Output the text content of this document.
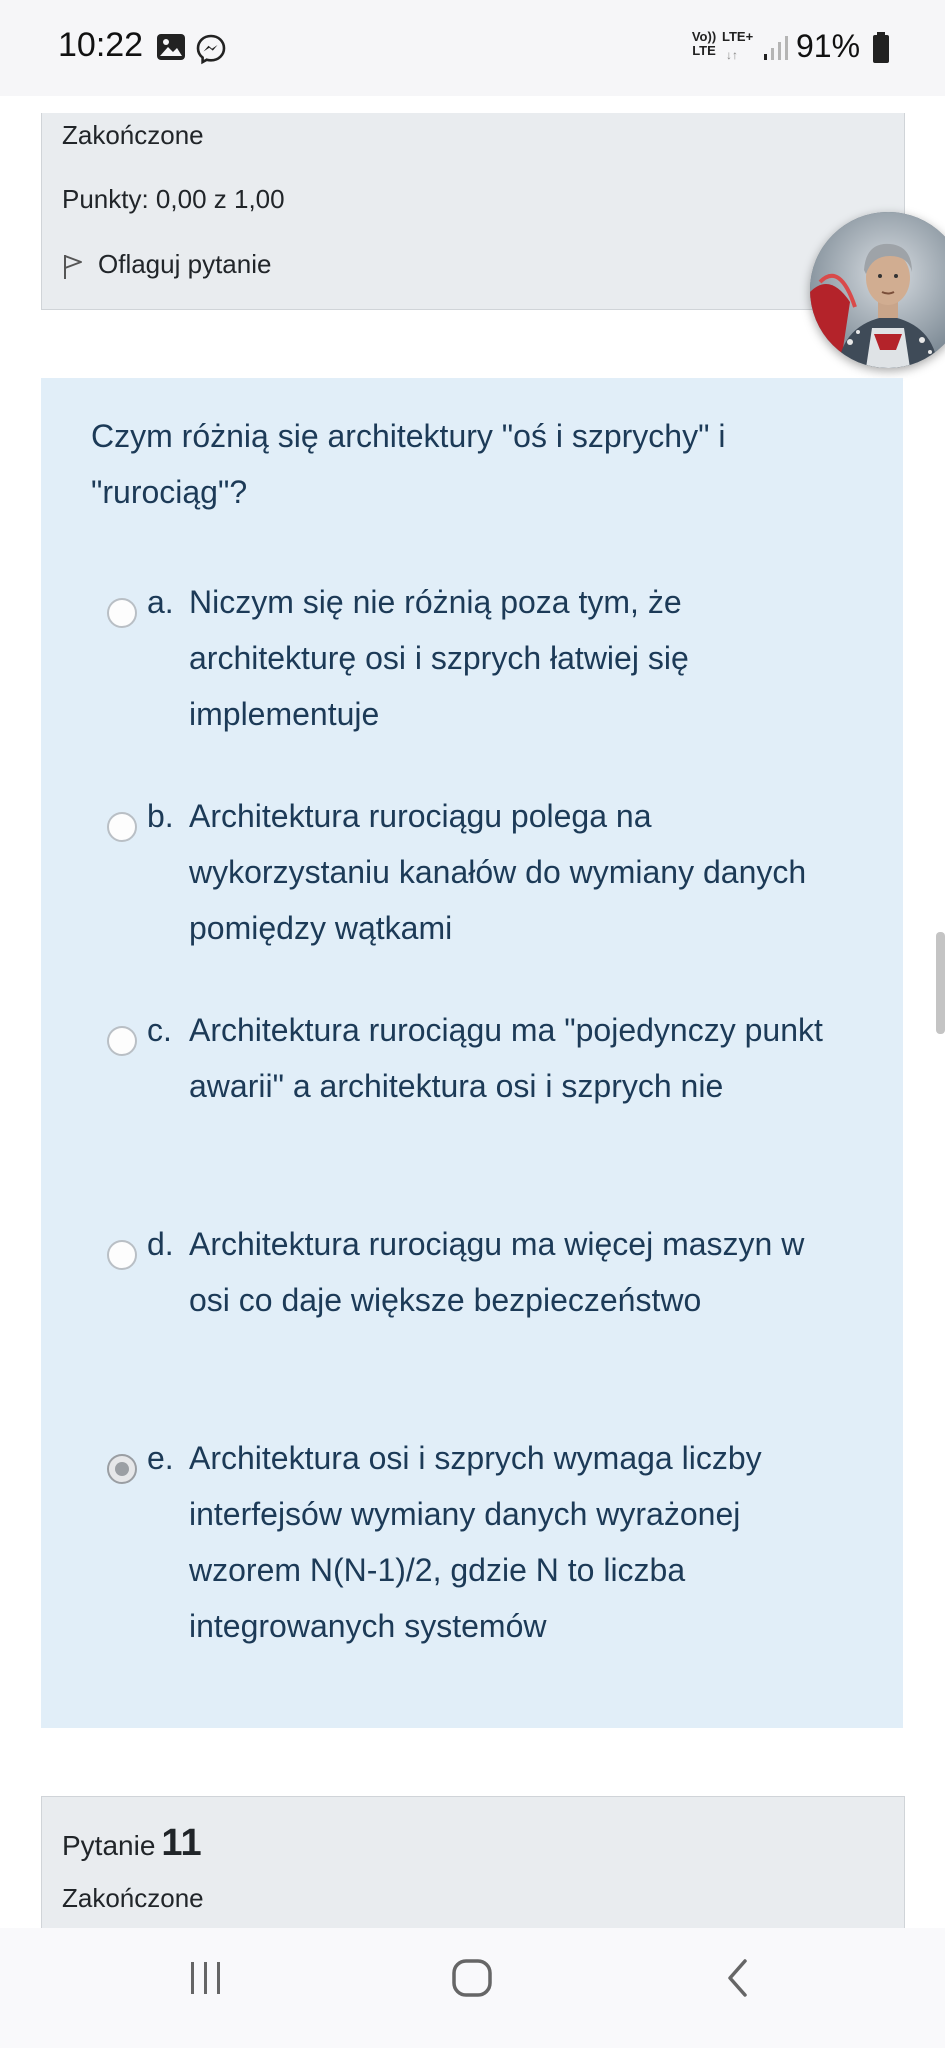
10:22	Vo))
LTE
LTE+
↓↑ 91%
Zakończone
Punkty: 0,00 z 1,00
Oflaguj pytanie
Czym różnią się architektury "oś i szprychy" i "rurociąg"?
a. Niczym się nie różnią poza tym, że architekturę osi i szprych łatwiej się implementuje
b. Architektura rurociągu polega na wykorzystaniu kanałów do wymiany danych pomiędzy wątkami
c. Architektura rurociągu ma "pojedynczy punkt awarii" a architektura osi i szprych nie
d. Architektura rurociągu ma więcej maszyn w osi co daje większe bezpieczeństwo
e. Architektura osi i szprych wymaga liczby interfejsów wymiany danych wyrażonej wzorem N(N-1)/2, gdzie N to liczba integrowanych systemów
Pytanie 11
Zakończone
